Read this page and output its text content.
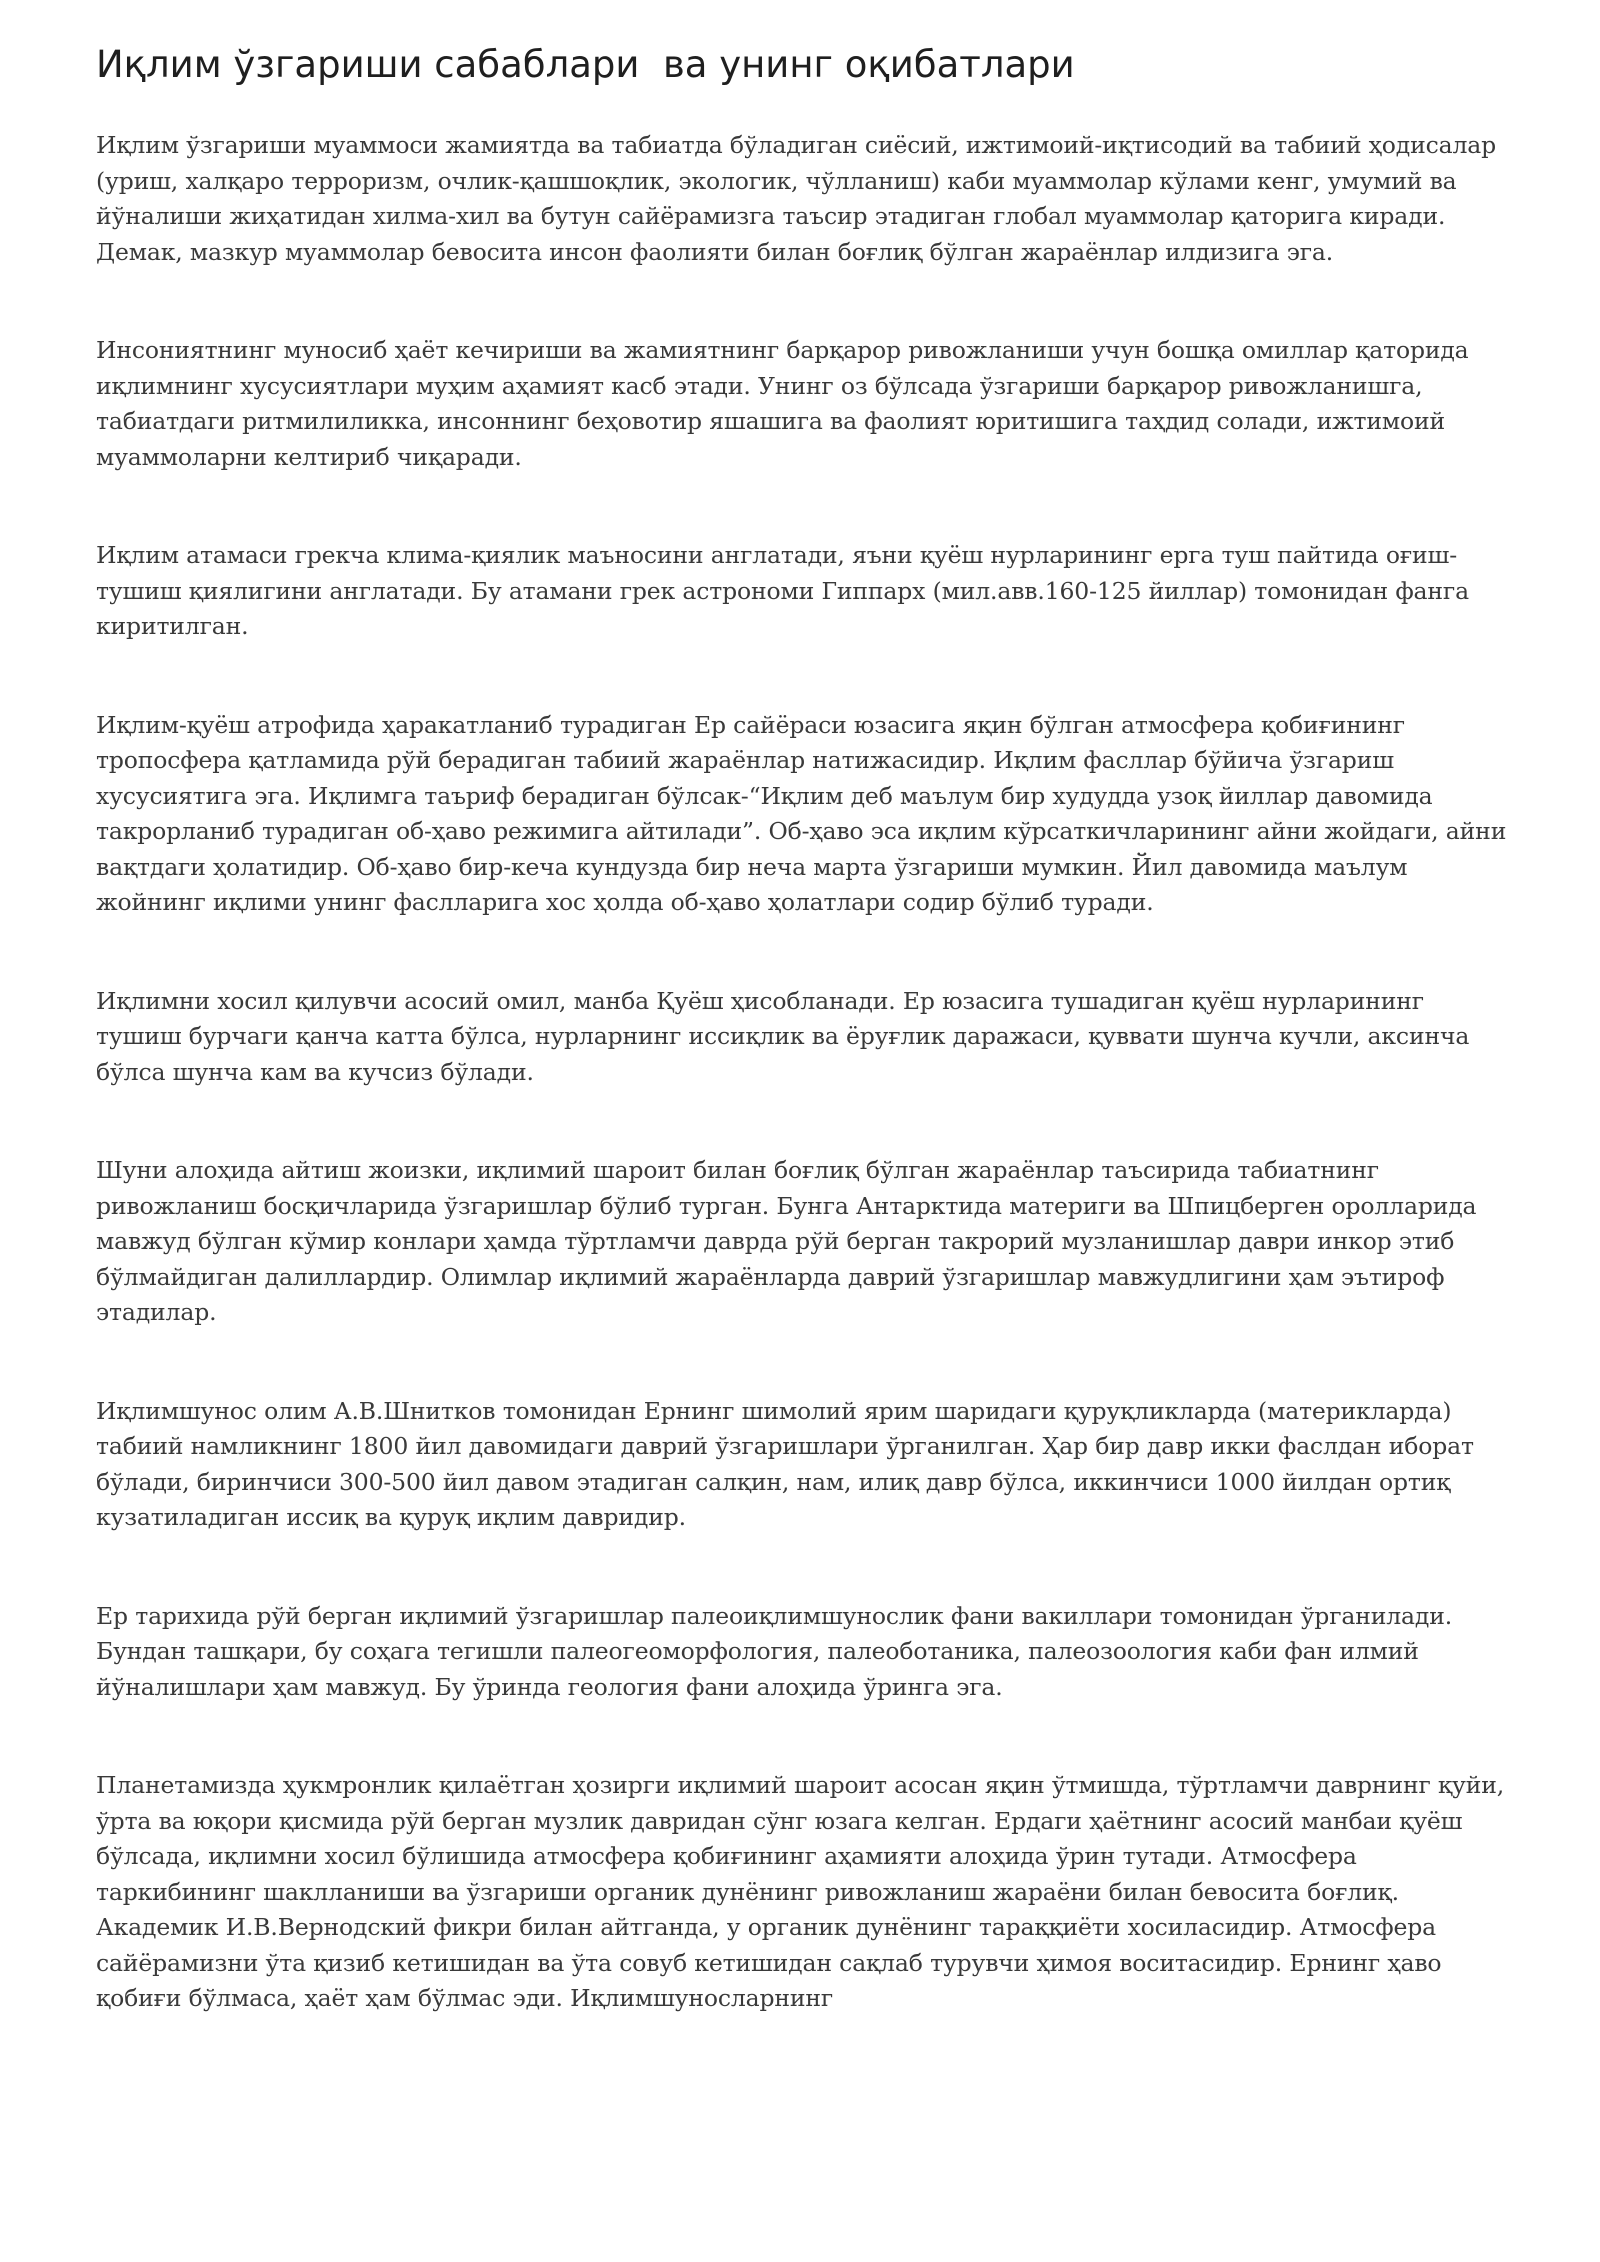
Иқлим ўзгариши сабаблари  ва унинг оқибатлари

Иқлим ўзгариши муаммоси жамиятда ва табиатда бўладиган сиёсий, ижтимоий-иқтисодий ва табиий ҳодисалар (уриш, халқаро терроризм, очлик-қашшоқлик, экологик, чўлланиш) каби муаммолар кўлами кенг, умумий ва йўналиши жиҳатидан хилма-хил ва бутун сайёрамизга таъсир этадиган глобал муаммолар қаторига киради. Демак, мазкур муаммолар бевосита инсон фаолияти билан боғлиқ бўлган жараёнлар илдизига эга.

Инсониятнинг муносиб ҳаёт кечириши ва жамиятнинг барқарор ривожланиши учун бошқа омиллар қаторида иқлимнинг хусусиятлари муҳим аҳамият касб этади. Унинг оз бўлсада ўзгариши барқарор ривожланишга, табиатдаги ритмилиликка, инсоннинг беҳовотир яшашига ва фаолият юритишига таҳдид солади, ижтимоий муаммоларни келтириб чиқаради.

Иқлим атамаси грекча клима-қиялик маъносини англатади, яъни қуёш нурларининг ерга туш пайтида оғиш-тушиш қиялигини англатади. Бу атамани грек астрономи Гиппарх (мил.авв.160-125 йиллар) томонидан фанга киритилган.

Иқлим-қуёш атрофида ҳаракатланиб турадиган Ер сайёраси юзасига яқин бўлган атмосфера қобиғининг тропосфера қатламида рўй берадиган табиий жараёнлар натижасидир. Иқлим фасллар бўйича ўзгариш хусусиятига эга. Иқлимга таъриф берадиган бўлсак-“Иқлим деб маълум бир худудда узоқ йиллар давомида такрорланиб турадиган об-ҳаво режимига айтилади”. Об-ҳаво эса иқлим кўрсаткичларининг айни жойдаги, айни вақтдаги ҳолатидир. Об-ҳаво бир-кеча кундузда бир неча марта ўзгариши мумкин. Йил давомида маълум жойнинг иқлими унинг фаслларига хос ҳолда об-ҳаво ҳолатлари содир бўлиб туради.

Иқлимни хосил қилувчи асосий омил, манба Қуёш ҳисобланади. Ер юзасига тушадиган қуёш нурларининг тушиш бурчаги қанча катта бўлса, нурларнинг иссиқлик ва ёруғлик даражаси, қуввати шунча кучли, аксинча бўлса шунча кам ва кучсиз бўлади.

Шуни алоҳида айтиш жоизки, иқлимий шароит билан боғлиқ бўлган жараёнлар таъсирида табиатнинг ривожланиш босқичларида ўзгаришлар бўлиб турган. Бунга Антарктида материги ва Шпицберген оролларида мавжуд бўлган кўмир конлари ҳамда тўртламчи даврда рўй берган такрорий музланишлар даври инкор этиб бўлмайдиган далиллардир. Олимлар иқлимий жараёнларда даврий ўзгаришлар мавжудлигини ҳам эътироф этадилар.

Иқлимшунос олим А.В.Шнитков томонидан Ернинг шимолий ярим шаридаги қуруқликларда (материкларда) табиий намликнинг 1800 йил давомидаги даврий ўзгаришлари ўрганилган. Ҳар бир давр икки фаслдан иборат бўлади, биринчиси 300-500 йил давом этадиган салқин, нам, илиқ давр бўлса, иккинчиси 1000 йилдан ортиқ кузатиладиган иссиқ ва қуруқ иқлим давридир.

Ер тарихида рўй берган иқлимий ўзгаришлар палеоиқлимшунослик фани вакиллари томонидан ўрганилади. Бундан ташқари, бу соҳага тегишли палеогеоморфология, палеоботаника, палеозоология каби фан илмий йўналишлари ҳам мавжуд. Бу ўринда геология фани алоҳида ўринга эга.

Планетамизда ҳукмронлик қилаётган ҳозирги иқлимий шароит асосан яқин ўтмишда, тўртламчи даврнинг қуйи, ўрта ва юқори қисмида рўй берган музлик давридан сўнг юзага келган. Ердаги ҳаётнинг асосий манбаи қуёш бўлсада, иқлимни хосил бўлишида атмосфера қобиғининг аҳамияти алоҳида ўрин тутади. Атмосфера таркибининг шаклланиши ва ўзгариши органик дунёнинг ривожланиш жараёни билан бевосита боғлиқ. Академик И.В.Вернодский фикри билан айтганда, у органик дунёнинг тараққиёти хосиласидир. Атмосфера сайёрамизни ўта қизиб кетишидан ва ўта совуб кетишидан сақлаб турувчи ҳимоя воситасидир. Ернинг ҳаво қобиғи бўлмаса, ҳаёт ҳам бўлмас эди. Иқлимшуносларнинг
